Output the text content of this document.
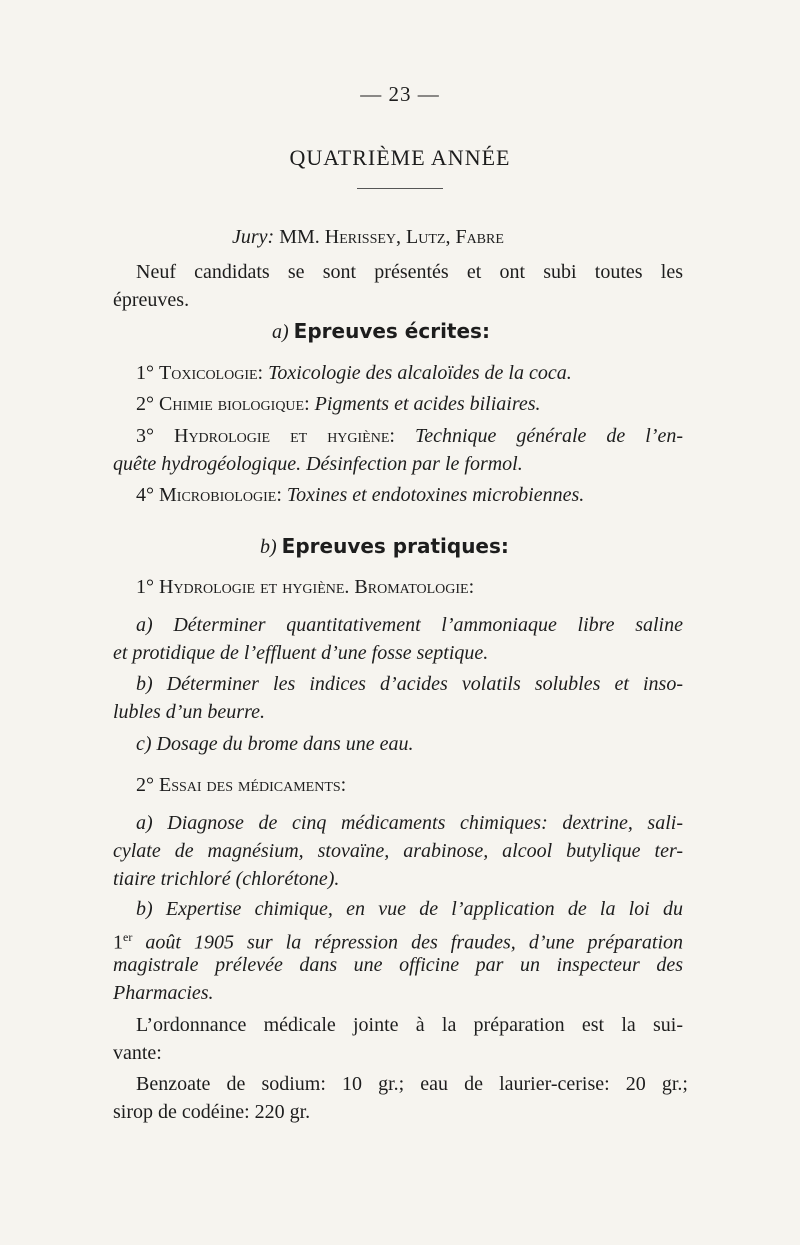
— 23 —
QUATRIÈME ANNÉE
Jury: MM. Herissey, Lutz, Fabre
Neuf candidats se sont présentés et ont subi toutes les
épreuves.
a) Epreuves écrites:
1° Toxicologie: Toxicologie des alcaloïdes de la coca.
2° Chimie biologique: Pigments et acides biliaires.
3° Hydrologie et hygiène: Technique générale de l’en-
quête hydrogéologique. Désinfection par le formol.
4° Microbiologie: Toxines et endotoxines microbiennes.
b) Epreuves pratiques:
1° Hydrologie et hygiène. Bromatologie:
a) Déterminer quantitativement l’ammoniaque libre saline
et protidique de l’effluent d’une fosse septique.
b) Déterminer les indices d’acides volatils solubles et inso-
lubles d’un beurre.
c) Dosage du brome dans une eau.
2° Essai des médicaments:
a) Diagnose de cinq médicaments chimiques: dextrine, sali-
cylate de magnésium, stovaïne, arabinose, alcool butylique ter-
tiaire trichloré (chlorétone).
b) Expertise chimique, en vue de l’application de la loi du
1er août 1905 sur la répression des fraudes, d’une préparation
magistrale prélevée dans une officine par un inspecteur des
Pharmacies.
L’ordonnance médicale jointe à la préparation est la sui-
vante:
Benzoate de sodium: 10 gr.; eau de laurier-cerise: 20 gr.;
sirop de codéine: 220 gr.
